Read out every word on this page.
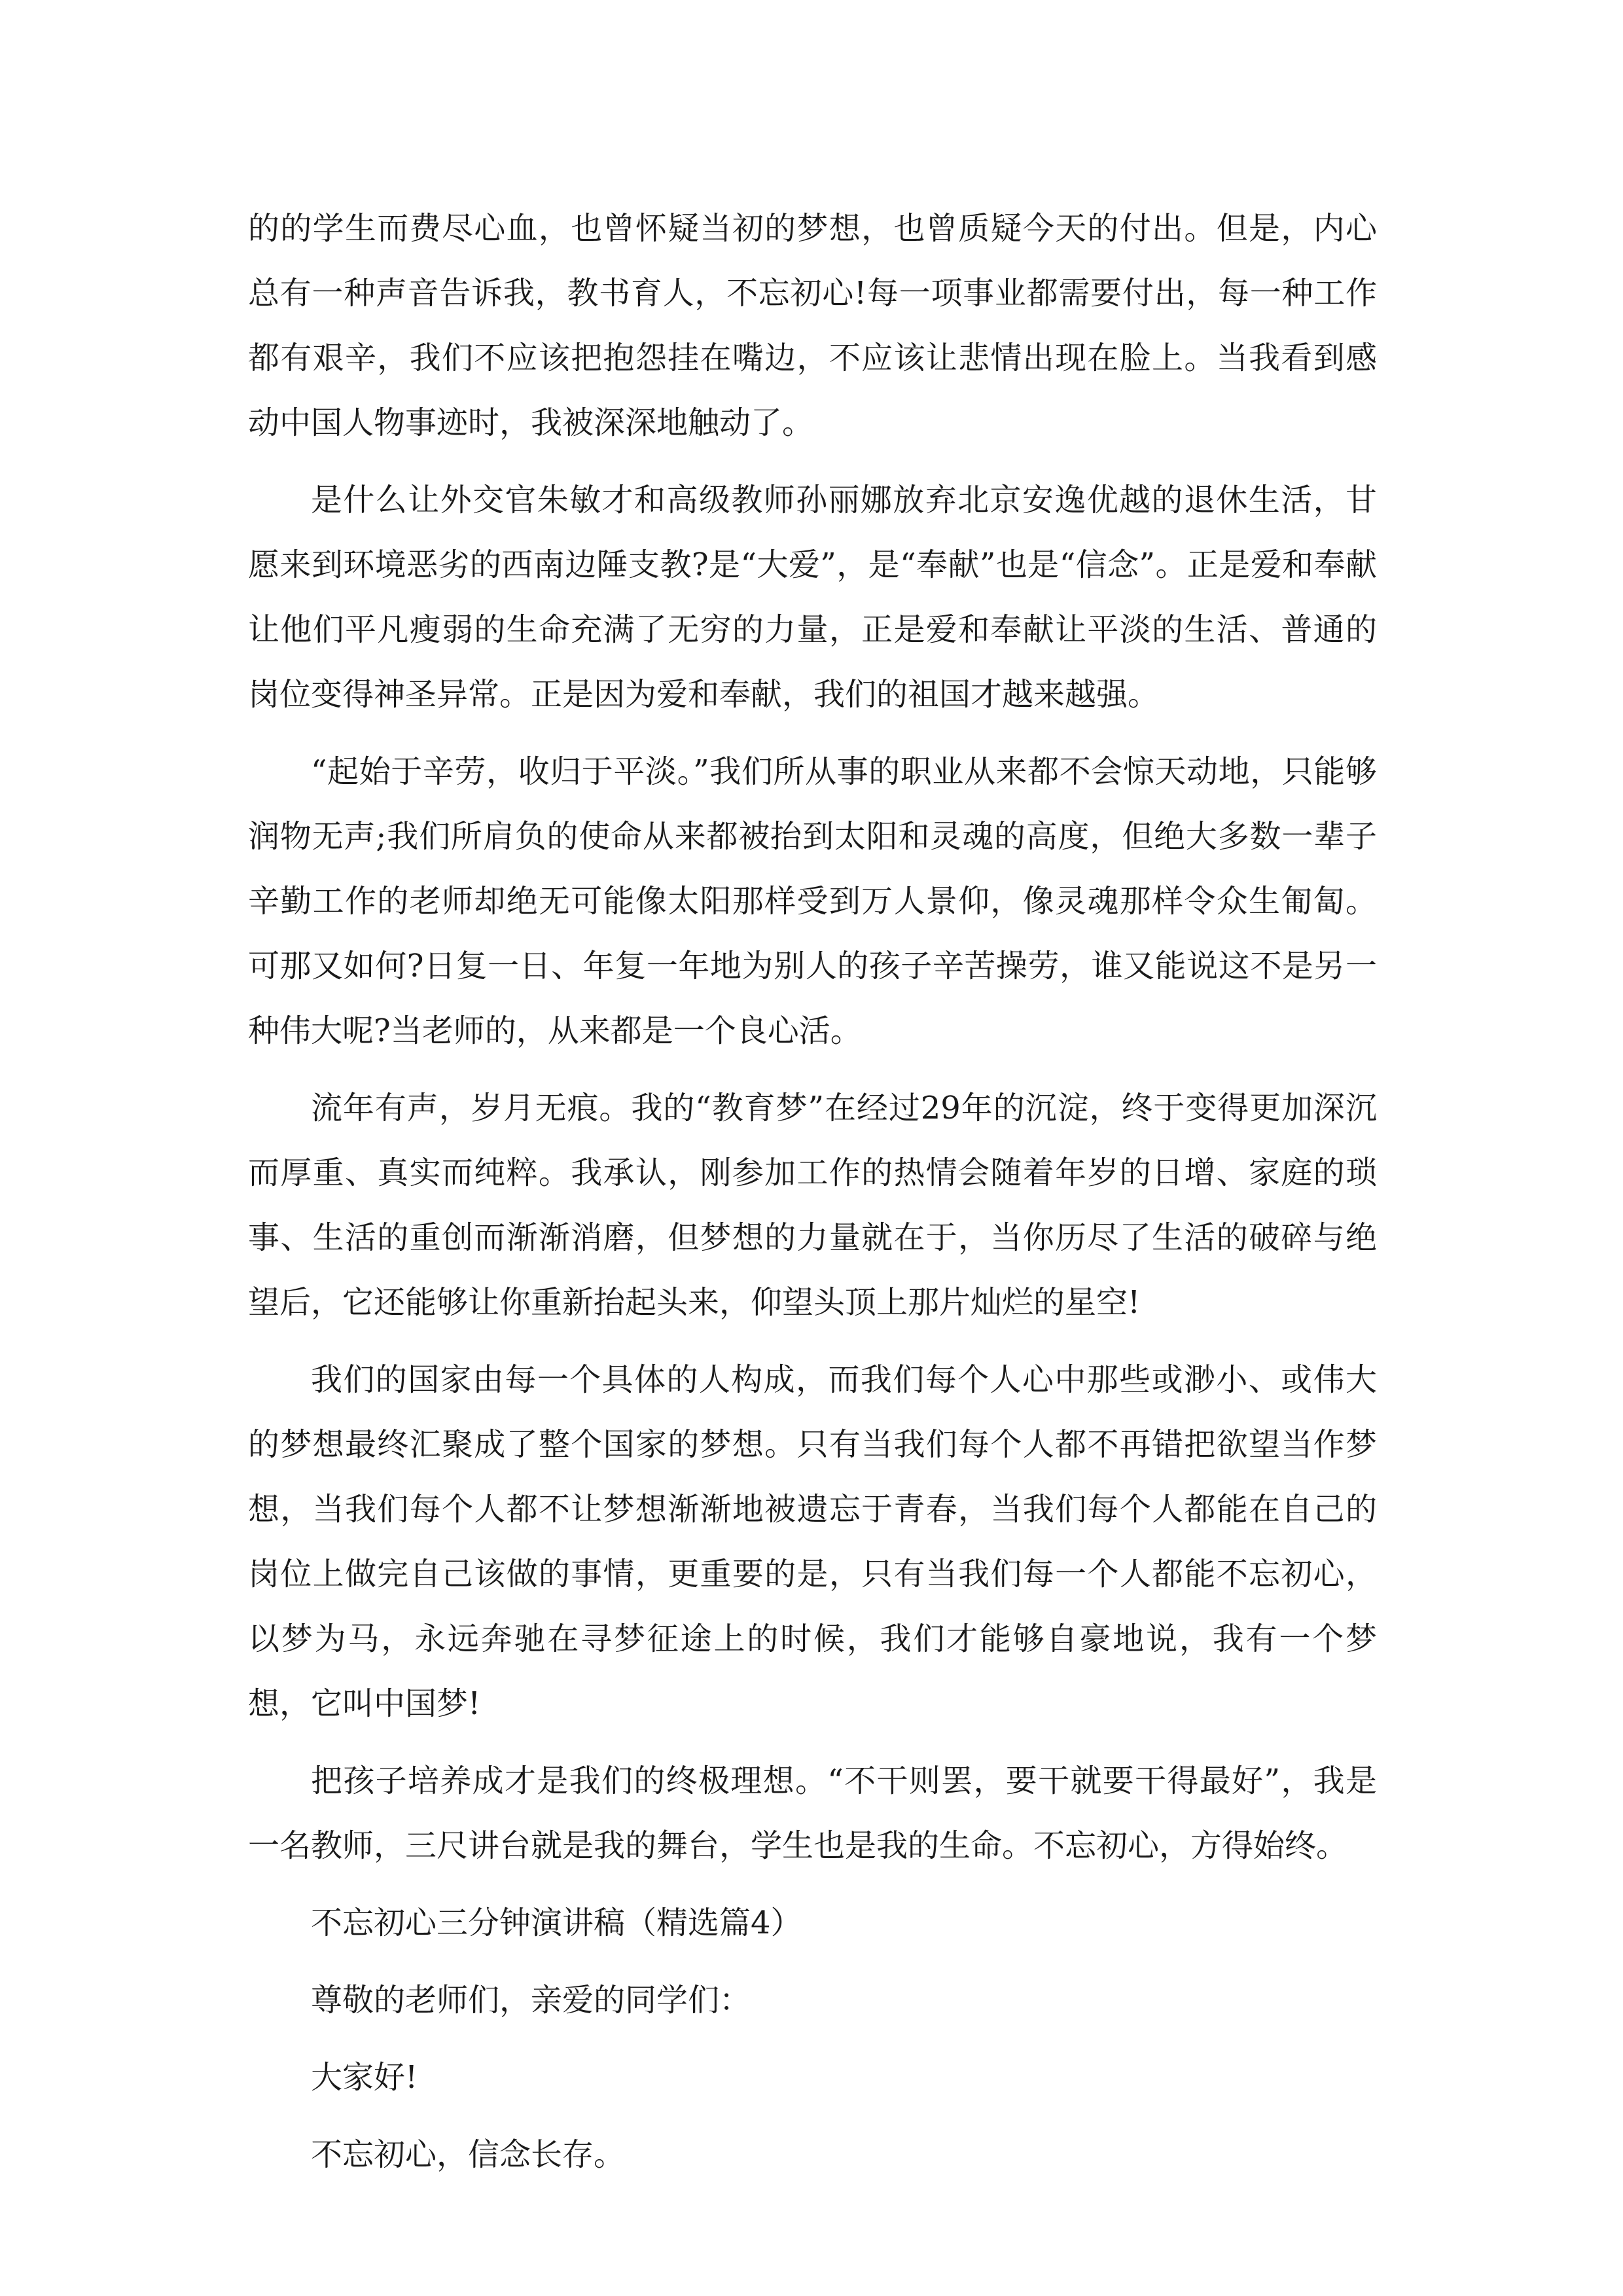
的的学生而费尽心血，也曾怀疑当初的梦想，也曾质疑今天的付出。但是，内心总有一种声音告诉我，教书育人，不忘初心!每一项事业都需要付出，每一种工作都有艰辛，我们不应该把抱怨挂在嘴边，不应该让悲情出现在脸上。当我看到感动中国人物事迹时，我被深深地触动了。

是什么让外交官朱敏才和高级教师孙丽娜放弃北京安逸优越的退休生活，甘愿来到环境恶劣的西南边陲支教?是“大爱”，是“奉献”也是“信念”。正是爱和奉献让他们平凡瘦弱的生命充满了无穷的力量，正是爱和奉献让平淡的生活、普通的岗位变得神圣异常。正是因为爱和奉献，我们的祖国才越来越强。

“起始于辛劳，收归于平淡。”我们所从事的职业从来都不会惊天动地，只能够润物无声;我们所肩负的使命从来都被抬到太阳和灵魂的高度，但绝大多数一辈子辛勤工作的老师却绝无可能像太阳那样受到万人景仰，像灵魂那样令众生匍匐。可那又如何?日复一日、年复一年地为别人的孩子辛苦操劳，谁又能说这不是另一种伟大呢?当老师的，从来都是一个良心活。

流年有声，岁月无痕。我的“教育梦”在经过29年的沉淀，终于变得更加深沉而厚重、真实而纯粹。我承认，刚参加工作的热情会随着年岁的日增、家庭的琐事、生活的重创而渐渐消磨，但梦想的力量就在于，当你历尽了生活的破碎与绝望后，它还能够让你重新抬起头来，仰望头顶上那片灿烂的星空!

我们的国家由每一个具体的人构成，而我们每个人心中那些或渺小、或伟大的梦想最终汇聚成了整个国家的梦想。只有当我们每个人都不再错把欲望当作梦想，当我们每个人都不让梦想渐渐地被遗忘于青春，当我们每个人都能在自己的岗位上做完自己该做的事情，更重要的是，只有当我们每一个人都能不忘初心，以梦为马，永远奔驰在寻梦征途上的时候，我们才能够自豪地说，我有一个梦想，它叫中国梦!

把孩子培养成才是我们的终极理想。“不干则罢，要干就要干得最好”，我是一名教师，三尺讲台就是我的舞台，学生也是我的生命。不忘初心，方得始终。

不忘初心三分钟演讲稿（精选篇4）

尊敬的老师们，亲爱的同学们：

大家好!

不忘初心，信念长存。
